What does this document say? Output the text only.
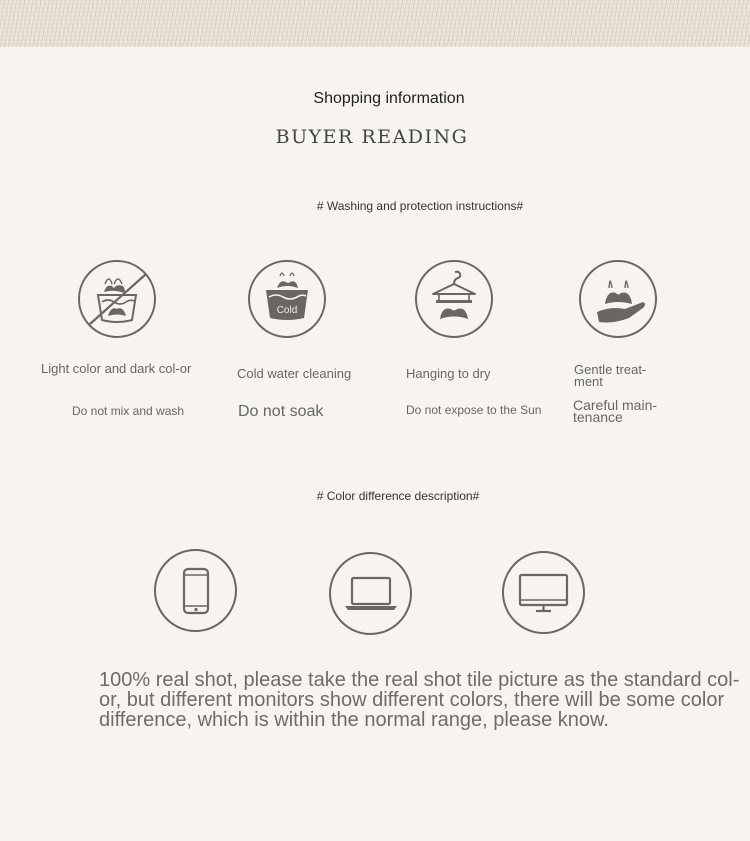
Shopping information
BUYER READING
# Washing and protection instructions#
Cold
Light color and dark col-or
Do not mix and wash
Cold water cleaning
Do not soak
Hanging to dry
Do not expose to the Sun
Gentle treat-ment
Careful main-tenance
# Color difference description#
100% real shot, please take the real shot tile picture as the standard col-or, but different monitors show different colors, there will be some color difference, which is within the normal range, please know.
